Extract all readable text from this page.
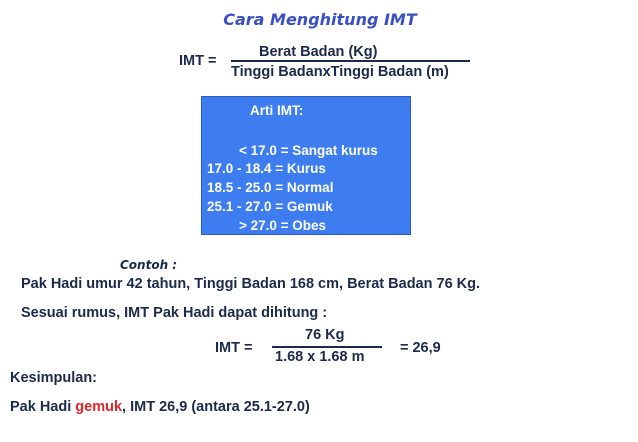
Cara Menghitung IMT
IMT =
Berat Badan (Kg)
Tinggi BadanxTinggi Badan (m)
Arti IMT:
< 17.0 = Sangat kurus
17.0 - 18.4 = Kurus
18.5 - 25.0 = Normal
25.1 - 27.0 = Gemuk
> 27.0 = Obes
Contoh :
Pak Hadi umur 42 tahun, Tinggi Badan 168 cm, Berat Badan 76 Kg.
Sesuai rumus, IMT Pak Hadi dapat dihitung :
IMT =
76 Kg
1.68 x 1.68 m
= 26,9
Kesimpulan:
Pak Hadi gemuk, IMT 26,9 (antara 25.1-27.0)
